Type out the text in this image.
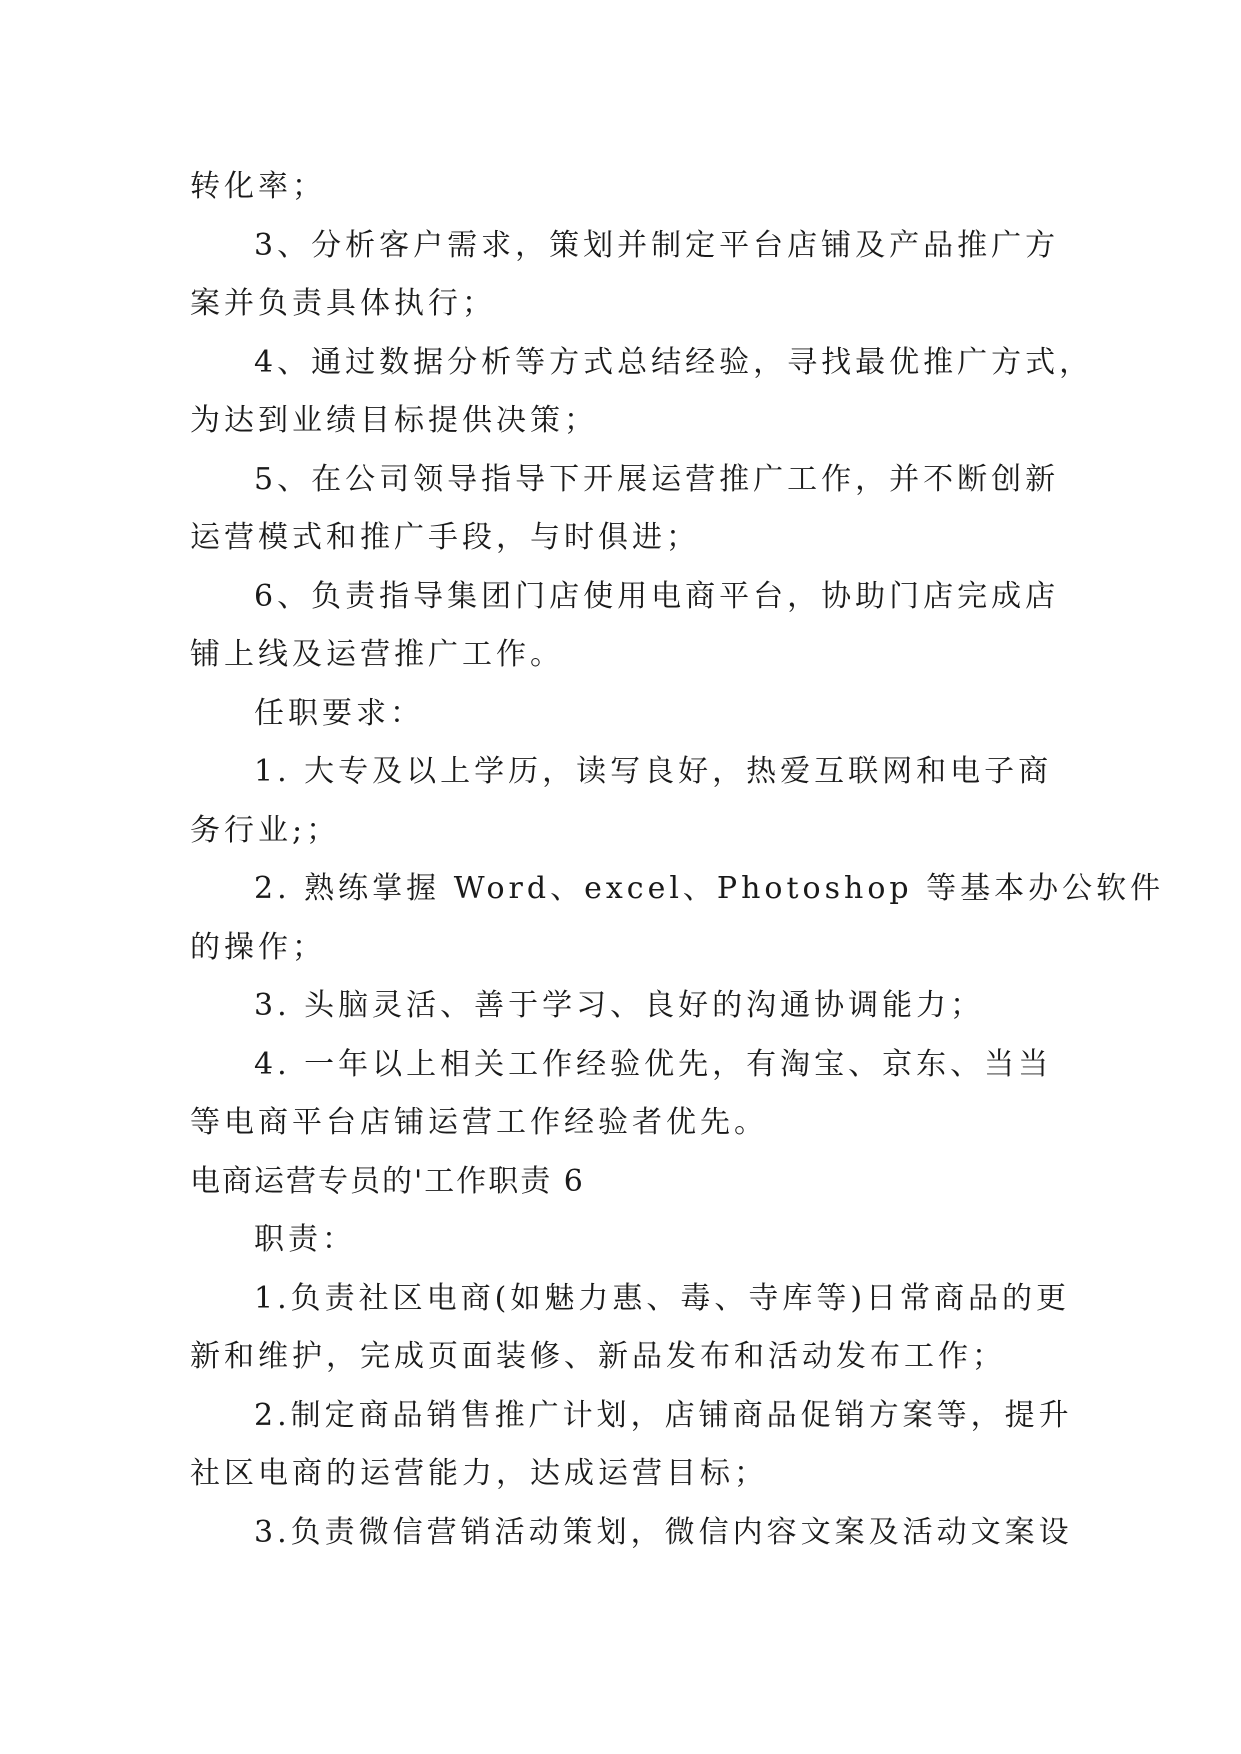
转化率；

3、分析客户需求，策划并制定平台店铺及产品推广方

案并负责具体执行；

4、通过数据分析等方式总结经验，寻找最优推广方式，

为达到业绩目标提供决策；

5、在公司领导指导下开展运营推广工作，并不断创新

运营模式和推广手段，与时俱进；

6、负责指导集团门店使用电商平台，协助门店完成店

铺上线及运营推广工作。

任职要求：

1. 大专及以上学历，读写良好，热爱互联网和电子商

务行业;；

2. 熟练掌握 Word、excel、Photoshop 等基本办公软件

的操作；

3. 头脑灵活、善于学习、良好的沟通协调能力；

4. 一年以上相关工作经验优先，有淘宝、京东、当当

等电商平台店铺运营工作经验者优先。

电商运营专员的'工作职责 6

职责：

1.负责社区电商(如魅力惠、毒、寺库等)日常商品的更

新和维护，完成页面装修、新品发布和活动发布工作；

2.制定商品销售推广计划，店铺商品促销方案等，提升

社区电商的运营能力，达成运营目标；

3.负责微信营销活动策划，微信内容文案及活动文案设
